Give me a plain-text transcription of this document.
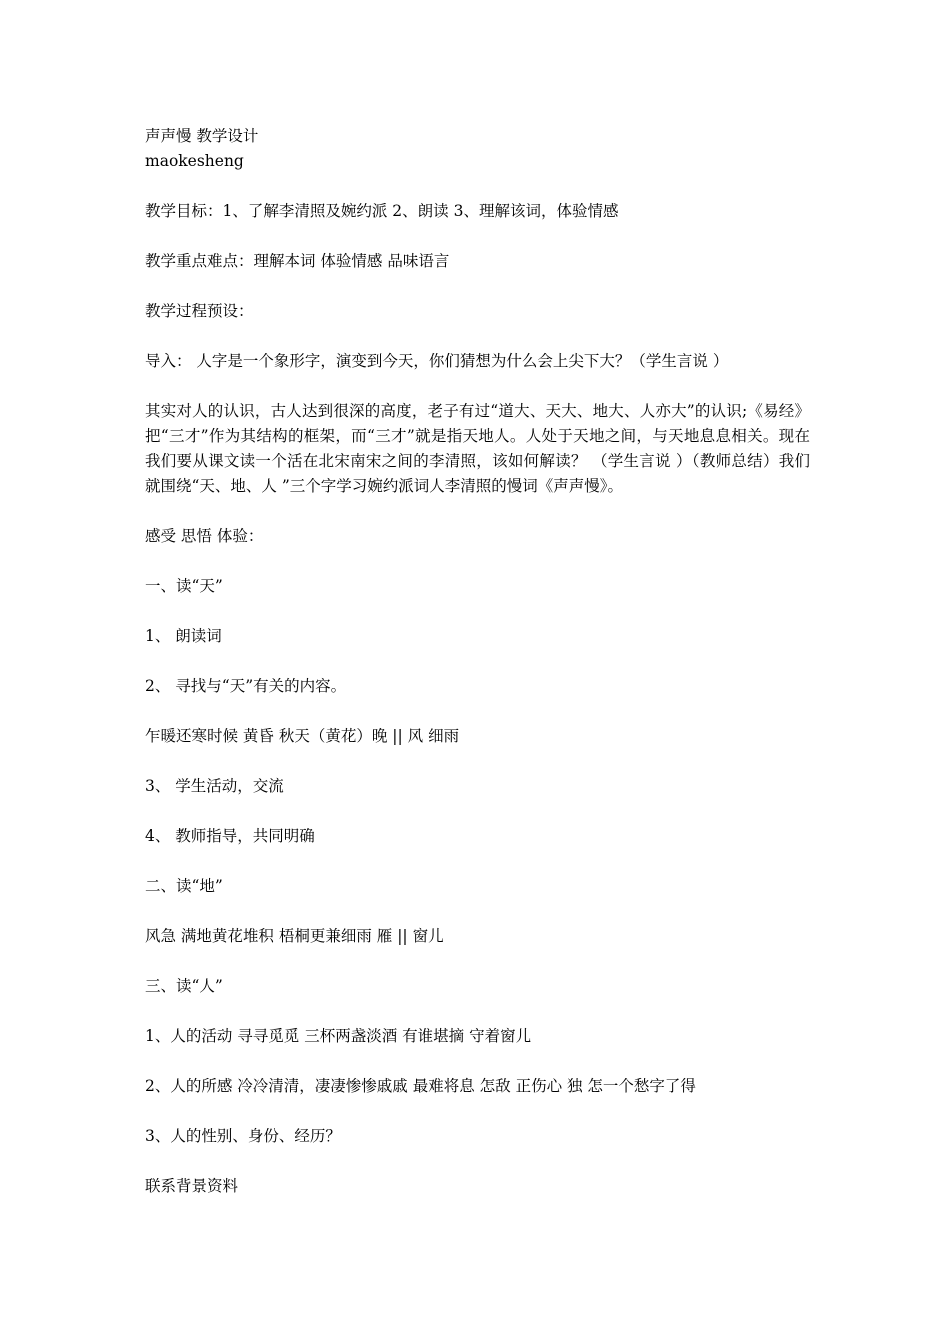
声声慢 教学设计

maokesheng

教学目标：1、了解李清照及婉约派 2、朗读 3、理解该词，体验情感

教学重点难点：理解本词 体验情感 品味语言

教学过程预设：

导入： 人字是一个象形字，演变到今天，你们猜想为什么会上尖下大？（学生言说 ）

其实对人的认识，古人达到很深的高度，老子有过“道大、天大、地大、人亦大”的认识;《易经》把“三才”作为其结构的框架，而“三才”就是指天地人。人处于天地之间，与天地息息相关。现在我们要从课文读一个活在北宋南宋之间的李清照，该如何解读？ （学生言说 ）（教师总结）我们就围绕“天、地、人 ”三个字学习婉约派词人李清照的慢词《声声慢》。

感受 思悟 体验：

一、读“天”

1、 朗读词

2、 寻找与“天”有关的内容。

乍暖还寒时候 黄昏 秋天（黄花）晚 || 风 细雨

3、 学生活动，交流

4、 教师指导，共同明确

二、读“地”

风急 满地黄花堆积 梧桐更兼细雨 雁 || 窗儿

三、读“人”

1、人的活动 寻寻觅觅 三杯两盏淡酒 有谁堪摘 守着窗儿

2、人的所感 冷冷清清，凄凄惨惨戚戚 最难将息 怎敌 正伤心 独 怎一个愁字了得

3、人的性别、身份、经历？

联系背景资料
